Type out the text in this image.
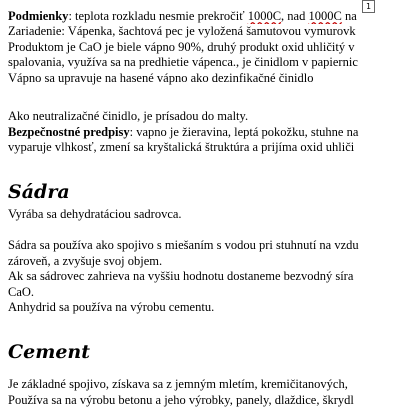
1
Podmienky: teplota rozkladu nesmie prekročiť 1000C, nad 1000C na
Zariadenie: Vápenka, šachtová pec je vyložená šamutovou vymurovk
Produktom je CaO je biele vápno 90%, druhý produkt oxid uhličitý v
spalovania, využíva sa na predhietie vápenca., je činidlom v papiernic
Vápno sa upravuje na hasené vápno ako dezinfikačné činidlo
Ako neutralizačné činidlo, je prísadou do malty.
Bezpečnostné predpisy: vapno je žieravina, leptá pokožku, stuhne na
vyparuje vlhkosť, zmení sa kryštalická štruktúra a prijíma oxid uhliči
Sádra
Vyrába sa dehydratáciou sadrovca.
Sádra sa používa ako spojivo s miešaním s vodou pri stuhnutí na vzdu
zároveň, a zvyšuje svoj objem.
Ak sa sádrovec zahrieva na vyššiu hodnotu dostaneme bezvodný síra
CaO.
Anhydrid sa používa na výrobu cementu.
Cement
Je základné spojivo, získava sa z jemným mletím, kremičitanových,
Používa sa na výrobu betonu a jeho výrobky, panely, dlaždice, škrydl
